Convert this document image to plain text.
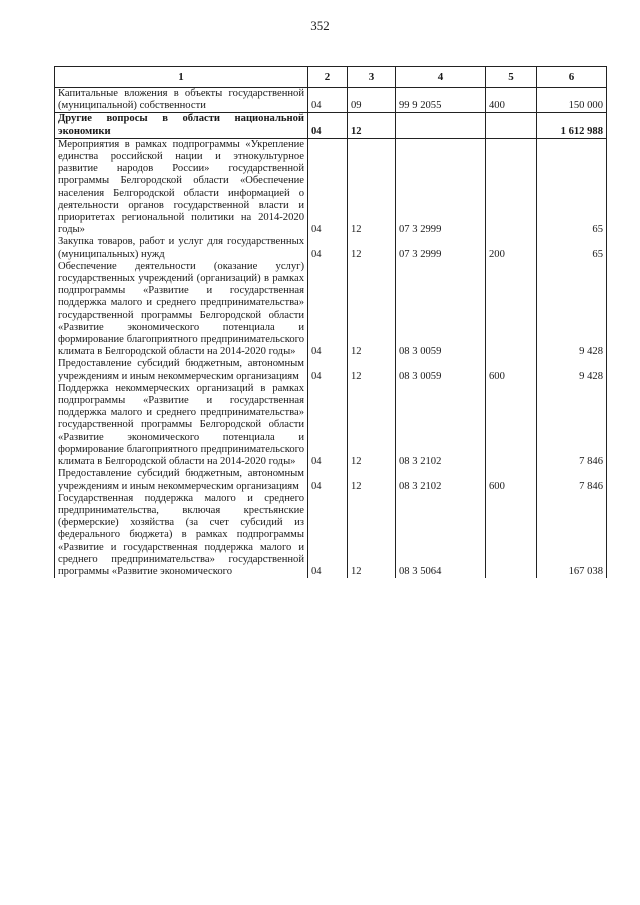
352
1	2	3	4	5	6
Капитальные вложения в объекты государственной (муниципальной) собственности	04	09	99 9 2055	400	150 000
Другие вопросы в области национальной экономики	04	12			1 612 988
Мероприятия в рамках подпрограммы «Укрепление единства российской нации и этнокультурное развитие народов России» государственной программы Белгородской области «Обеспечение населения Белгородской области информацией о деятельности органов государственной власти и приоритетах региональной политики на 2014-2020 годы»	04	12	07 3 2999		65
Закупка товаров, работ и услуг для государственных (муниципальных) нужд	04	12	07 3 2999	200	65
Обеспечение деятельности (оказание услуг) государственных учреждений (организаций) в рамках подпрограммы «Развитие и государственная поддержка малого и среднего предпринимательства» государственной программы Белгородской области «Развитие экономического потенциала и формирование благоприятного предпринимательского климата в Белгородской области на 2014-2020 годы»	04	12	08 3 0059		9 428
Предоставление субсидий бюджетным, автономным учреждениям и иным некоммерческим организациям	04	12	08 3 0059	600	9 428
Поддержка некоммерческих организаций в рамках подпрограммы «Развитие и государственная поддержка малого и среднего предпринимательства» государственной программы Белгородской области «Развитие экономического потенциала и формирование благоприятного предпринимательского климата в Белгородской области на 2014-2020 годы»	04	12	08 3 2102		7 846
Предоставление субсидий бюджетным, автономным учреждениям и иным некоммерческим организациям	04	12	08 3 2102	600	7 846
Государственная поддержка малого и среднего предпринимательства, включая крестьянские (фермерские) хозяйства (за счет субсидий из федерального бюджета) в рамках подпрограммы «Развитие и государственная поддержка малого и среднего предпринимательства» государственной программы «Развитие экономического	04	12	08 3 5064		167 038
